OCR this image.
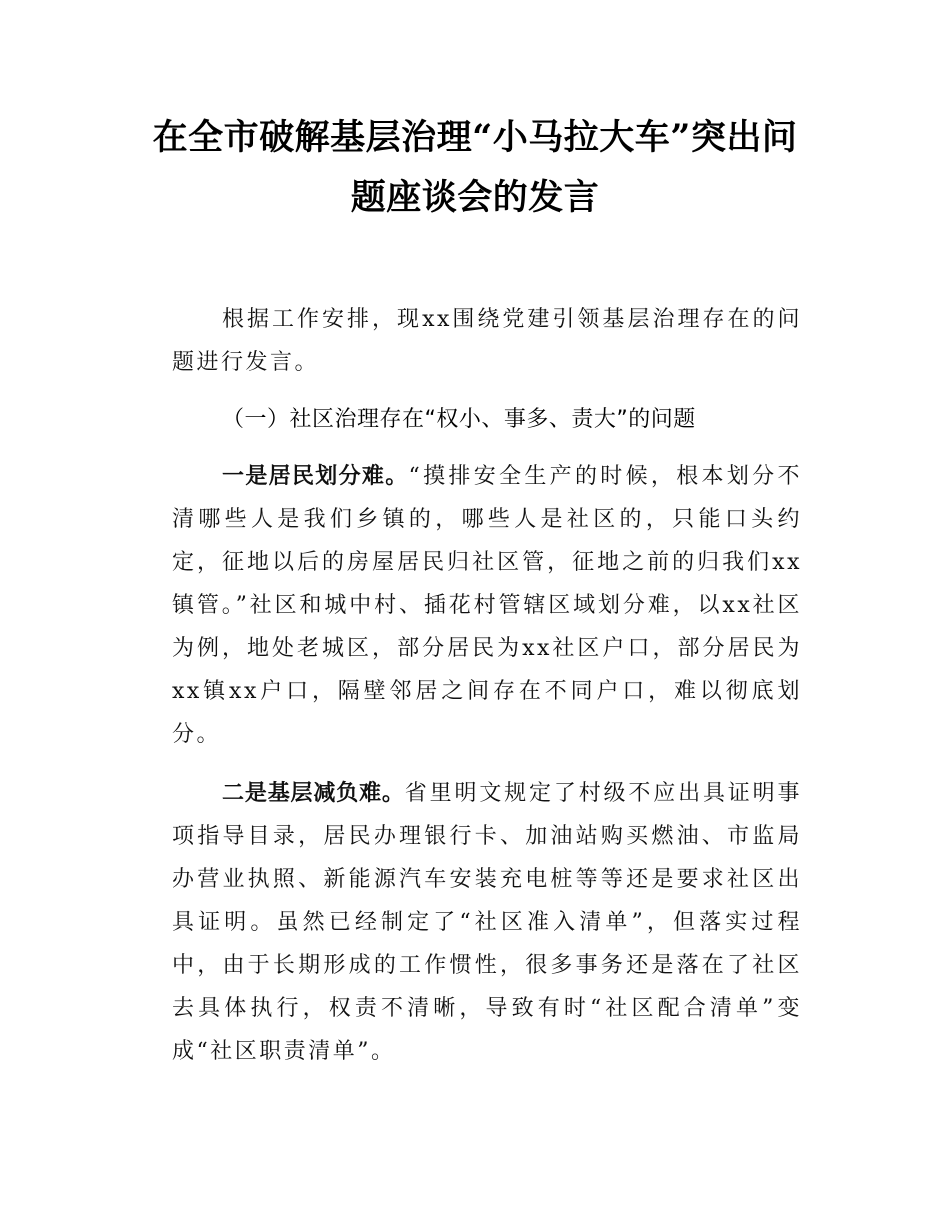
在全市破解基层治理“小马拉大车”突出问题座谈会的发言

根据工作安排，现xx围绕党建引领基层治理存在的问题进行发言。

（一）社区治理存在“权小、事多、责大”的问题

一是居民划分难。“摸排安全生产的时候，根本划分不清哪些人是我们乡镇的，哪些人是社区的，只能口头约定，征地以后的房屋居民归社区管，征地之前的归我们xx镇管。”社区和城中村、插花村管辖区域划分难，以xx社区为例，地处老城区，部分居民为xx社区户口，部分居民为xx镇xx户口，隔壁邻居之间存在不同户口，难以彻底划分。

二是基层减负难。省里明文规定了村级不应出具证明事项指导目录，居民办理银行卡、加油站购买燃油、市监局办营业执照、新能源汽车安装充电桩等等还是要求社区出具证明。虽然已经制定了“社区准入清单”，但落实过程中，由于长期形成的工作惯性，很多事务还是落在了社区去具体执行，权责不清晰，导致有时“社区配合清单”变成“社区职责清单”。
